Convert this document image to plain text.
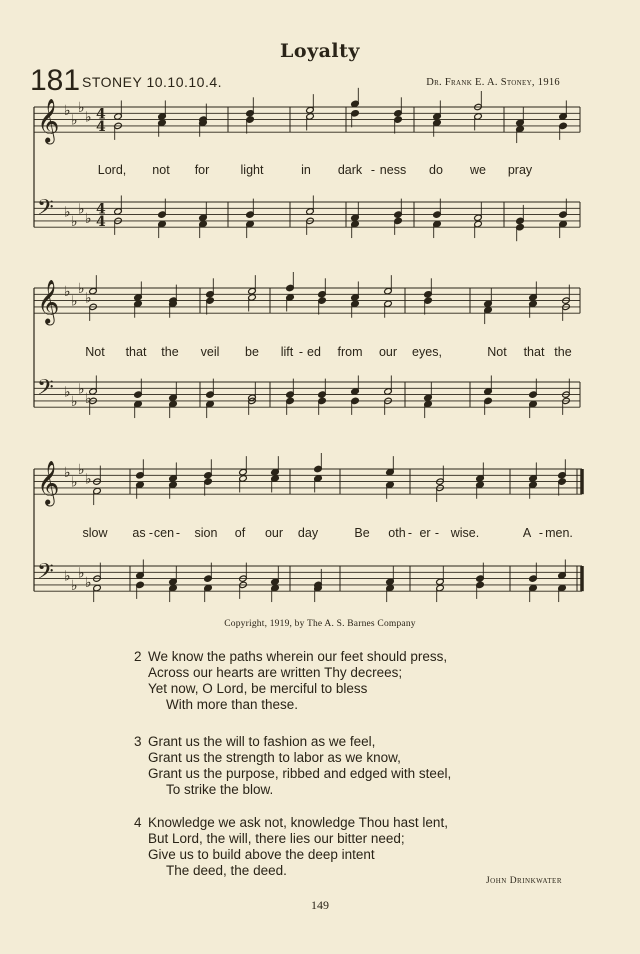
Loyalty
181 STONEY 10.10.10.4.	Dr. Frank E. A. Stoney, 1916
𝄞 ♭
♭
♭
♭ 4
4
𝄢 ♭
♭
♭
♭
4
4
𝄞 ♭
♭
♭
♭
𝄢 ♭
♭
♭
♭
𝄞 ♭
♭
♭
♭
𝄢 ♭
♭
♭
♭
Lord, not for light	in dark - ness do we pray
Not that the veil be lift - ed from our eyes,	Not that the
slow as - cen - sion of our day	Be oth - er - wise.	A - men.
Copyright, 1919, by The A. S. Barnes Company
2 We know the paths wherein our feet should press,
Across our hearts are written Thy decrees;
Yet now, O Lord, be merciful to bless
With more than these.
3 Grant us the will to fashion as we feel,
Grant us the strength to labor as we know,
Grant us the purpose, ribbed and edged with steel,
To strike the blow.
4 Knowledge we ask not, knowledge Thou hast lent,
But Lord, the will, there lies our bitter need;
Give us to build above the deep intent
The deed, the deed.
John Drinkwater
149
